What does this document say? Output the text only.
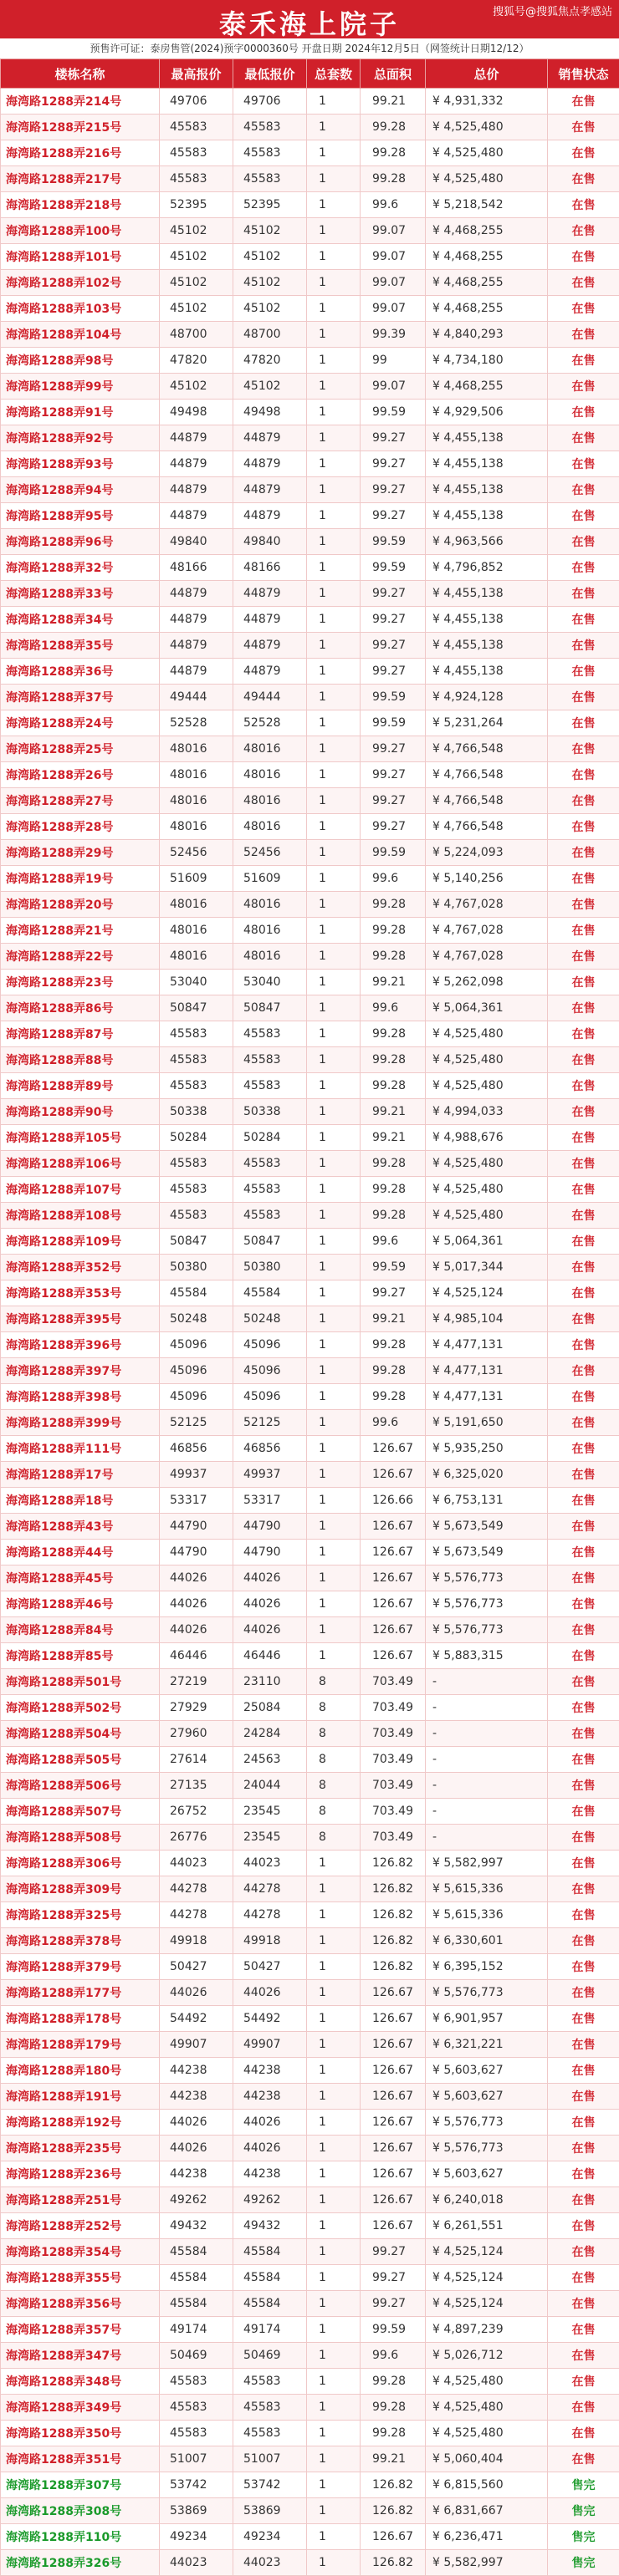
泰禾海上院子	搜狐号@搜狐焦点孝感站
预售许可证：泰房售管(2024)预字0000360号 开盘日期 2024年12月5日（网签统计日期12/12）
楼栋名称	最高报价	最低报价	总套数	总面积	总价	销售状态
海湾路1288弄214号	49706	49706	1	99.21	¥ 4,931,332	在售
海湾路1288弄215号	45583	45583	1	99.28	¥ 4,525,480	在售
海湾路1288弄216号	45583	45583	1	99.28	¥ 4,525,480	在售
海湾路1288弄217号	45583	45583	1	99.28	¥ 4,525,480	在售
海湾路1288弄218号	52395	52395	1	99.6	¥ 5,218,542	在售
海湾路1288弄100号	45102	45102	1	99.07	¥ 4,468,255	在售
海湾路1288弄101号	45102	45102	1	99.07	¥ 4,468,255	在售
海湾路1288弄102号	45102	45102	1	99.07	¥ 4,468,255	在售
海湾路1288弄103号	45102	45102	1	99.07	¥ 4,468,255	在售
海湾路1288弄104号	48700	48700	1	99.39	¥ 4,840,293	在售
海湾路1288弄98号	47820	47820	1	99	¥ 4,734,180	在售
海湾路1288弄99号	45102	45102	1	99.07	¥ 4,468,255	在售
海湾路1288弄91号	49498	49498	1	99.59	¥ 4,929,506	在售
海湾路1288弄92号	44879	44879	1	99.27	¥ 4,455,138	在售
海湾路1288弄93号	44879	44879	1	99.27	¥ 4,455,138	在售
海湾路1288弄94号	44879	44879	1	99.27	¥ 4,455,138	在售
海湾路1288弄95号	44879	44879	1	99.27	¥ 4,455,138	在售
海湾路1288弄96号	49840	49840	1	99.59	¥ 4,963,566	在售
海湾路1288弄32号	48166	48166	1	99.59	¥ 4,796,852	在售
海湾路1288弄33号	44879	44879	1	99.27	¥ 4,455,138	在售
海湾路1288弄34号	44879	44879	1	99.27	¥ 4,455,138	在售
海湾路1288弄35号	44879	44879	1	99.27	¥ 4,455,138	在售
海湾路1288弄36号	44879	44879	1	99.27	¥ 4,455,138	在售
海湾路1288弄37号	49444	49444	1	99.59	¥ 4,924,128	在售
海湾路1288弄24号	52528	52528	1	99.59	¥ 5,231,264	在售
海湾路1288弄25号	48016	48016	1	99.27	¥ 4,766,548	在售
海湾路1288弄26号	48016	48016	1	99.27	¥ 4,766,548	在售
海湾路1288弄27号	48016	48016	1	99.27	¥ 4,766,548	在售
海湾路1288弄28号	48016	48016	1	99.27	¥ 4,766,548	在售
海湾路1288弄29号	52456	52456	1	99.59	¥ 5,224,093	在售
海湾路1288弄19号	51609	51609	1	99.6	¥ 5,140,256	在售
海湾路1288弄20号	48016	48016	1	99.28	¥ 4,767,028	在售
海湾路1288弄21号	48016	48016	1	99.28	¥ 4,767,028	在售
海湾路1288弄22号	48016	48016	1	99.28	¥ 4,767,028	在售
海湾路1288弄23号	53040	53040	1	99.21	¥ 5,262,098	在售
海湾路1288弄86号	50847	50847	1	99.6	¥ 5,064,361	在售
海湾路1288弄87号	45583	45583	1	99.28	¥ 4,525,480	在售
海湾路1288弄88号	45583	45583	1	99.28	¥ 4,525,480	在售
海湾路1288弄89号	45583	45583	1	99.28	¥ 4,525,480	在售
海湾路1288弄90号	50338	50338	1	99.21	¥ 4,994,033	在售
海湾路1288弄105号	50284	50284	1	99.21	¥ 4,988,676	在售
海湾路1288弄106号	45583	45583	1	99.28	¥ 4,525,480	在售
海湾路1288弄107号	45583	45583	1	99.28	¥ 4,525,480	在售
海湾路1288弄108号	45583	45583	1	99.28	¥ 4,525,480	在售
海湾路1288弄109号	50847	50847	1	99.6	¥ 5,064,361	在售
海湾路1288弄352号	50380	50380	1	99.59	¥ 5,017,344	在售
海湾路1288弄353号	45584	45584	1	99.27	¥ 4,525,124	在售
海湾路1288弄395号	50248	50248	1	99.21	¥ 4,985,104	在售
海湾路1288弄396号	45096	45096	1	99.28	¥ 4,477,131	在售
海湾路1288弄397号	45096	45096	1	99.28	¥ 4,477,131	在售
海湾路1288弄398号	45096	45096	1	99.28	¥ 4,477,131	在售
海湾路1288弄399号	52125	52125	1	99.6	¥ 5,191,650	在售
海湾路1288弄111号	46856	46856	1	126.67	¥ 5,935,250	在售
海湾路1288弄17号	49937	49937	1	126.67	¥ 6,325,020	在售
海湾路1288弄18号	53317	53317	1	126.66	¥ 6,753,131	在售
海湾路1288弄43号	44790	44790	1	126.67	¥ 5,673,549	在售
海湾路1288弄44号	44790	44790	1	126.67	¥ 5,673,549	在售
海湾路1288弄45号	44026	44026	1	126.67	¥ 5,576,773	在售
海湾路1288弄46号	44026	44026	1	126.67	¥ 5,576,773	在售
海湾路1288弄84号	44026	44026	1	126.67	¥ 5,576,773	在售
海湾路1288弄85号	46446	46446	1	126.67	¥ 5,883,315	在售
海湾路1288弄501号	27219	23110	8	703.49	-	在售
海湾路1288弄502号	27929	25084	8	703.49	-	在售
海湾路1288弄504号	27960	24284	8	703.49	-	在售
海湾路1288弄505号	27614	24563	8	703.49	-	在售
海湾路1288弄506号	27135	24044	8	703.49	-	在售
海湾路1288弄507号	26752	23545	8	703.49	-	在售
海湾路1288弄508号	26776	23545	8	703.49	-	在售
海湾路1288弄306号	44023	44023	1	126.82	¥ 5,582,997	在售
海湾路1288弄309号	44278	44278	1	126.82	¥ 5,615,336	在售
海湾路1288弄325号	44278	44278	1	126.82	¥ 5,615,336	在售
海湾路1288弄378号	49918	49918	1	126.82	¥ 6,330,601	在售
海湾路1288弄379号	50427	50427	1	126.82	¥ 6,395,152	在售
海湾路1288弄177号	44026	44026	1	126.67	¥ 5,576,773	在售
海湾路1288弄178号	54492	54492	1	126.67	¥ 6,901,957	在售
海湾路1288弄179号	49907	49907	1	126.67	¥ 6,321,221	在售
海湾路1288弄180号	44238	44238	1	126.67	¥ 5,603,627	在售
海湾路1288弄191号	44238	44238	1	126.67	¥ 5,603,627	在售
海湾路1288弄192号	44026	44026	1	126.67	¥ 5,576,773	在售
海湾路1288弄235号	44026	44026	1	126.67	¥ 5,576,773	在售
海湾路1288弄236号	44238	44238	1	126.67	¥ 5,603,627	在售
海湾路1288弄251号	49262	49262	1	126.67	¥ 6,240,018	在售
海湾路1288弄252号	49432	49432	1	126.67	¥ 6,261,551	在售
海湾路1288弄354号	45584	45584	1	99.27	¥ 4,525,124	在售
海湾路1288弄355号	45584	45584	1	99.27	¥ 4,525,124	在售
海湾路1288弄356号	45584	45584	1	99.27	¥ 4,525,124	在售
海湾路1288弄357号	49174	49174	1	99.59	¥ 4,897,239	在售
海湾路1288弄347号	50469	50469	1	99.6	¥ 5,026,712	在售
海湾路1288弄348号	45583	45583	1	99.28	¥ 4,525,480	在售
海湾路1288弄349号	45583	45583	1	99.28	¥ 4,525,480	在售
海湾路1288弄350号	45583	45583	1	99.28	¥ 4,525,480	在售
海湾路1288弄351号	51007	51007	1	99.21	¥ 5,060,404	在售
海湾路1288弄307号	53742	53742	1	126.82	¥ 6,815,560	售完
海湾路1288弄308号	53869	53869	1	126.82	¥ 6,831,667	售完
海湾路1288弄110号	49234	49234	1	126.67	¥ 6,236,471	售完
海湾路1288弄326号	44023	44023	1	126.82	¥ 5,582,997	售完
